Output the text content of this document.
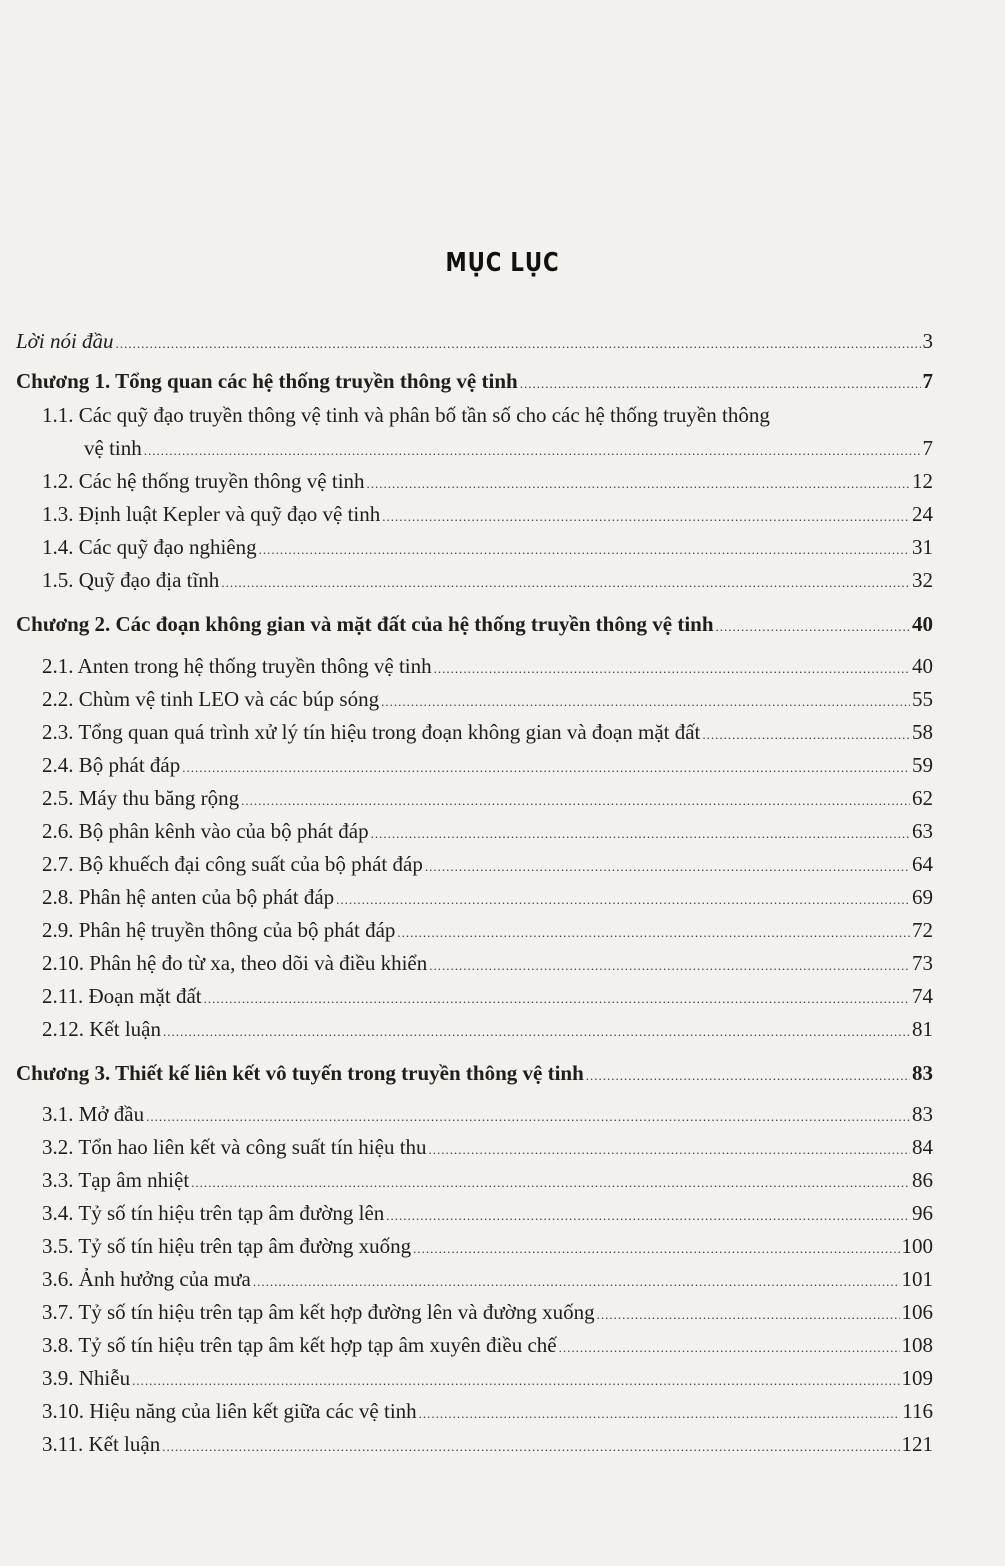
MỤC LỤC
Lời nói đầu .....	3
Chương 1. Tổng quan các hệ thống truyền thông vệ tinh .....	7
1.1. Các quỹ đạo truyền thông vệ tinh và phân bố tần số cho các hệ thống truyền thông
vệ tinh .....	7
1.2. Các hệ thống truyền thông vệ tinh .....	12
1.3. Định luật Kepler và quỹ đạo vệ tinh .....	24
1.4. Các quỹ đạo nghiêng .....	31
1.5. Quỹ đạo địa tĩnh .....	32
Chương 2. Các đoạn không gian và mặt đất của hệ thống truyền thông vệ tinh .....	40
2.1. Anten trong hệ thống truyền thông vệ tinh .....	40
2.2. Chùm vệ tinh LEO và các búp sóng .....	55
2.3. Tổng quan quá trình xử lý tín hiệu trong đoạn không gian và đoạn mặt đất .....	58
2.4. Bộ phát đáp .....	59
2.5. Máy thu băng rộng .....	62
2.6. Bộ phân kênh vào của bộ phát đáp .....	63
2.7. Bộ khuếch đại công suất của bộ phát đáp .....	64
2.8. Phân hệ anten của bộ phát đáp .....	69
2.9. Phân hệ truyền thông của bộ phát đáp .....	72
2.10. Phân hệ đo từ xa, theo dõi và điều khiển .....	73
2.11. Đoạn mặt đất .....	74
2.12. Kết luận .....	81
Chương 3. Thiết kế liên kết vô tuyến trong truyền thông vệ tinh .....	83
3.1. Mở đầu .....	83
3.2. Tổn hao liên kết và công suất tín hiệu thu .....	84
3.3. Tạp âm nhiệt .....	86
3.4. Tỷ số tín hiệu trên tạp âm đường lên .....	96
3.5. Tỷ số tín hiệu trên tạp âm đường xuống .....	100
3.6. Ảnh hưởng của mưa .....	101
3.7. Tỷ số tín hiệu trên tạp âm kết hợp đường lên và đường xuống .....	106
3.8. Tỷ số tín hiệu trên tạp âm kết hợp tạp âm xuyên điều chế .....	108
3.9. Nhiễu .....	109
3.10. Hiệu năng của liên kết giữa các vệ tinh .....	116
3.11. Kết luận .....	121
